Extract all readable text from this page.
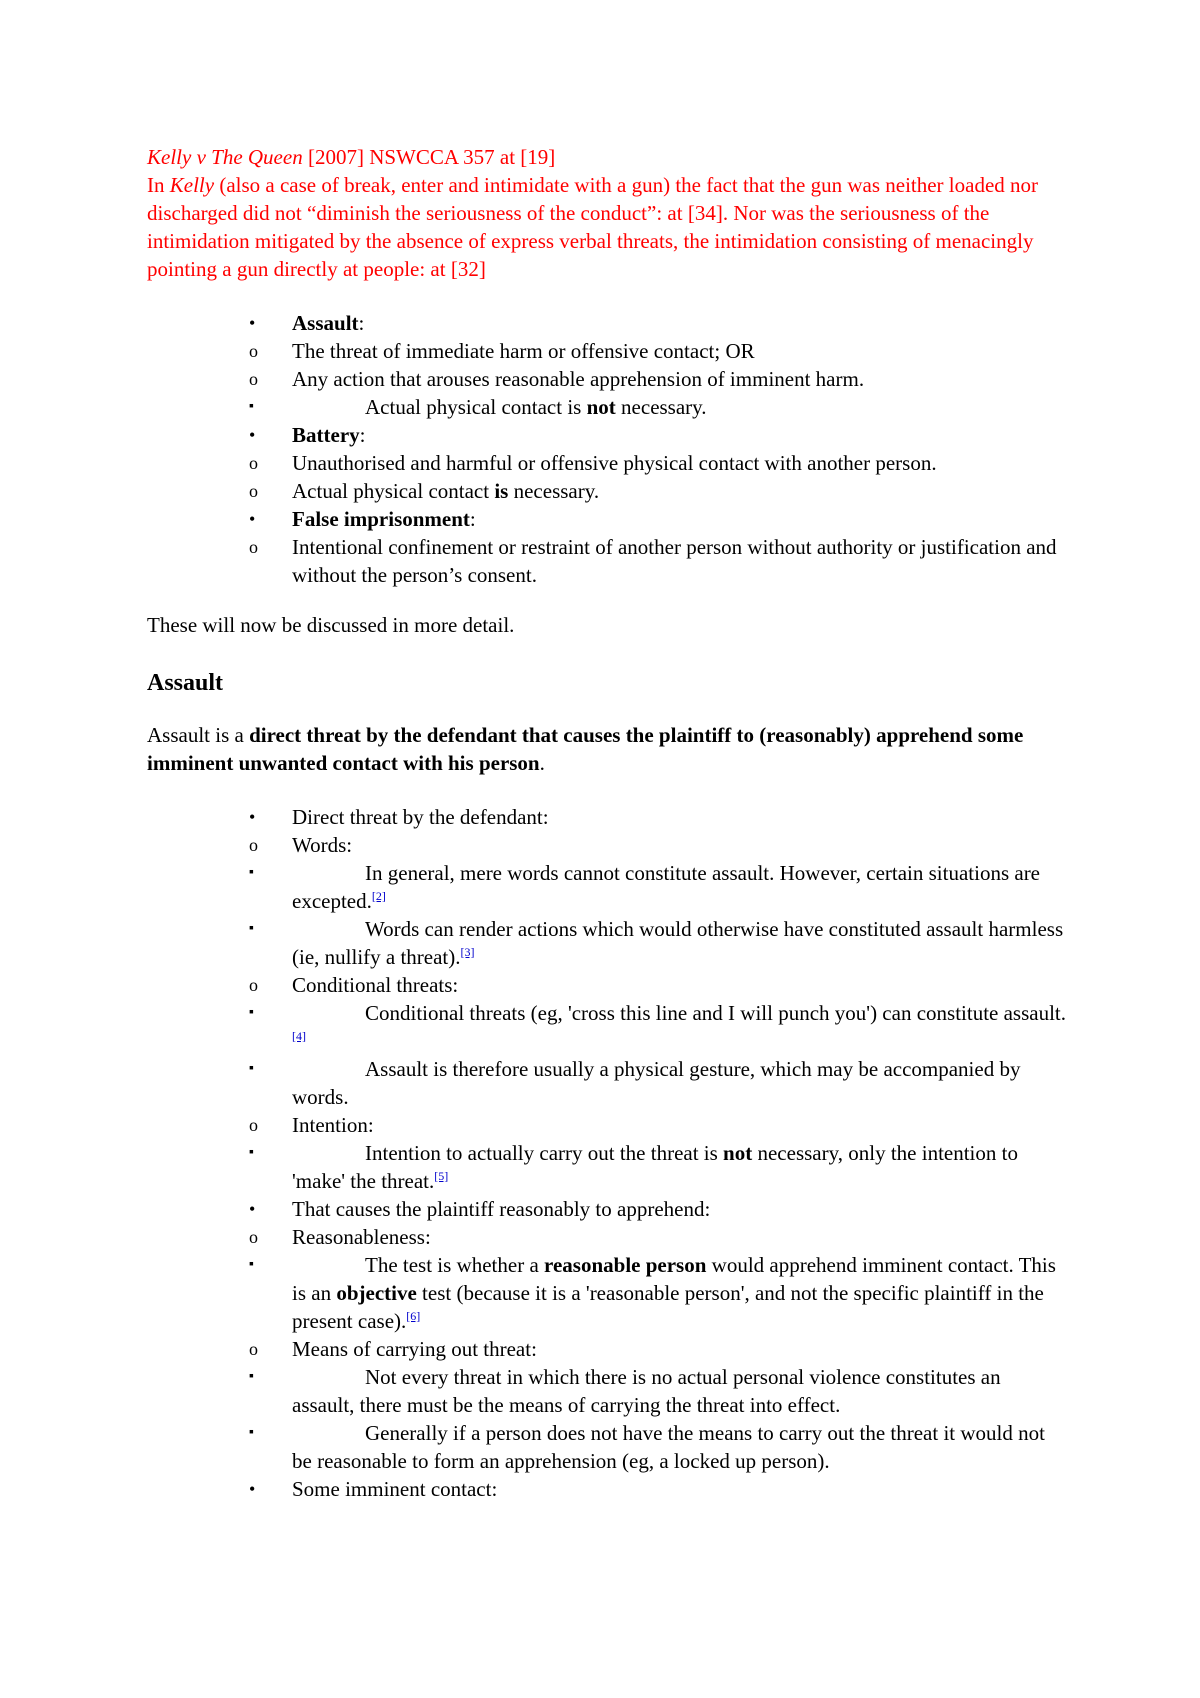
Kelly v The Queen [2007] NSWCCA 357 at [19]

In Kelly (also a case of break, enter and intimidate with a gun) the fact that the gun was neither loaded nor discharged did not “diminish the seriousness of the conduct”: at [34]. Nor was the seriousness of the intimidation mitigated by the absence of express verbal threats, the intimidation consisting of menacingly pointing a gun directly at people: at [32]

• Assault:
o The threat of immediate harm or offensive contact; OR
o Any action that arouses reasonable apprehension of imminent harm.
▪	Actual physical contact is not necessary.
• Battery:
o Unauthorised and harmful or offensive physical contact with another person.
o Actual physical contact is necessary.
• False imprisonment:
o Intentional confinement or restraint of another person without authority or justification and without the person’s consent.

These will now be discussed in more detail.

Assault

Assault is a direct threat by the defendant that causes the plaintiff to (reasonably) apprehend some imminent unwanted contact with his person.

• Direct threat by the defendant:
o Words:
▪	In general, mere words cannot constitute assault. However, certain situations are excepted.[2]
▪	Words can render actions which would otherwise have constituted assault harmless (ie, nullify a threat).[3]
o Conditional threats:
▪	Conditional threats (eg, 'cross this line and I will punch you') can constitute assault.[4]
▪	Assault is therefore usually a physical gesture, which may be accompanied by words.
o Intention:
▪	Intention to actually carry out the threat is not necessary, only the intention to 'make' the threat.[5]
• That causes the plaintiff reasonably to apprehend:
o Reasonableness:
▪	The test is whether a reasonable person would apprehend imminent contact. This is an objective test (because it is a 'reasonable person', and not the specific plaintiff in the present case).[6]
o Means of carrying out threat:
▪	Not every threat in which there is no actual personal violence constitutes an assault, there must be the means of carrying the threat into effect.
▪	Generally if a person does not have the means to carry out the threat it would not be reasonable to form an apprehension (eg, a locked up person).
• Some imminent contact:
